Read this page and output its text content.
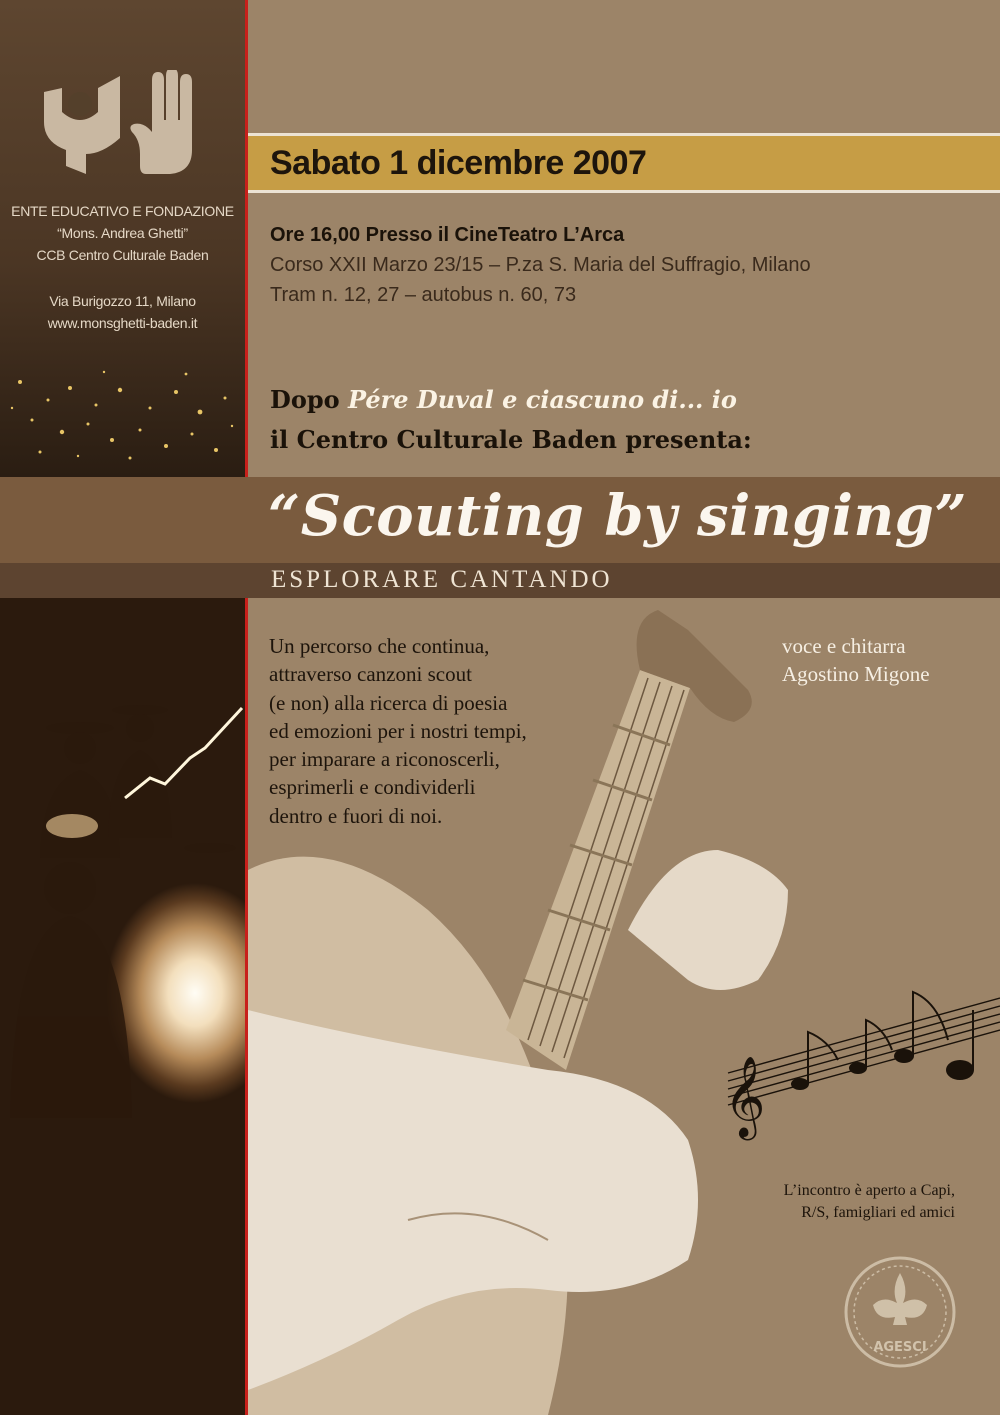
ENTE EDUCATIVO E FONDAZIONE
“Mons. Andrea Ghetti”
CCB Centro Culturale Baden
Via Burigozzo 11, Milano
www.monsghetti-baden.it
Sabato 1 dicembre 2007
Ore 16,00 Presso il CineTeatro L’Arca
Corso XXII Marzo 23/15 – P.za S. Maria del Suffragio, Milano
Tram n. 12, 27 – autobus n. 60, 73
Dopo Pére Duval e ciascuno di... io
il Centro Culturale Baden presenta:
“Scouting by singing”
ESPLORARE CANTANDO
𝄞
Un percorso che continua,
attraverso canzoni scout
(e non) alla ricerca di poesia
ed emozioni per i nostri tempi,
per imparare a riconoscerli,
esprimerli e condividerli
dentro e fuori di noi.
voce e chitarra
Agostino Migone
L’incontro è aperto a Capi,
R/S, famigliari ed amici
AGESCI
